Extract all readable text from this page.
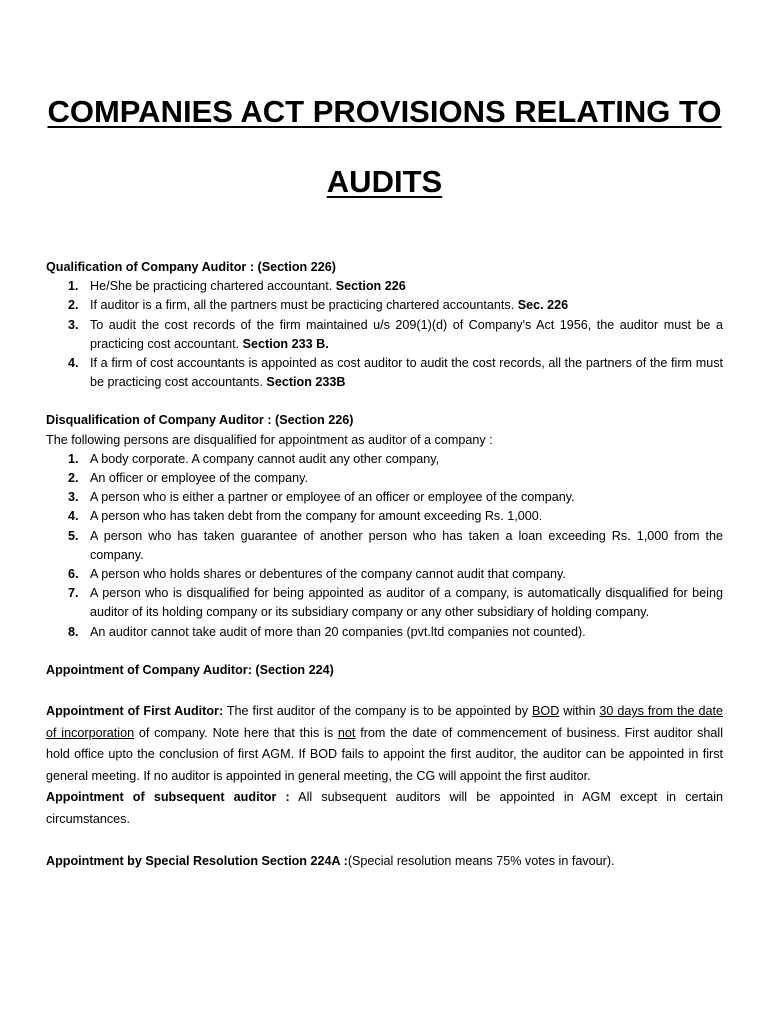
COMPANIES ACT PROVISIONS RELATING TO
AUDITS

Qualification of Company Auditor : (Section 226)

1. He/She be practicing chartered accountant. Section 226
2. If auditor is a firm, all the partners must be practicing chartered accountants. Sec. 226
3. To audit the cost records of the firm maintained u/s 209(1)(d) of Company's Act 1956, the auditor must be a practicing cost accountant. Section 233 B.
4. If a firm of cost accountants is appointed as cost auditor to audit the cost records, all the partners of the firm must be practicing cost accountants. Section 233B

Disqualification of Company Auditor : (Section 226)

The following persons are disqualified for appointment as auditor of a company :

1. A body corporate. A company cannot audit any other company,
2. An officer or employee of the company.
3. A person who is either a partner or employee of an officer or employee of the company.
4. A person who has taken debt from the company for amount exceeding Rs. 1,000.
5. A person who has taken guarantee of another person who has taken a loan exceeding Rs. 1,000 from the company.
6. A person who holds shares or debentures of the company cannot audit that company.
7. A person who is disqualified for being appointed as auditor of a company, is automatically disqualified for being auditor of its holding company or its subsidiary company or any other subsidiary of holding company.
8. An auditor cannot take audit of more than 20 companies (pvt.ltd companies not counted).

Appointment of Company Auditor: (Section 224)

Appointment of First Auditor: The first auditor of the company is to be appointed by BOD within 30 days from the date of incorporation of company. Note here that this is not from the date of commencement of business. First auditor shall hold office upto the conclusion of first AGM. If BOD fails to appoint the first auditor, the auditor can be appointed in first general meeting. If no auditor is appointed in general meeting, the CG will appoint the first auditor.

Appointment of subsequent auditor : All subsequent auditors will be appointed in AGM except in certain circumstances.

Appointment by Special Resolution Section 224A :(Special resolution means 75% votes in favour).
